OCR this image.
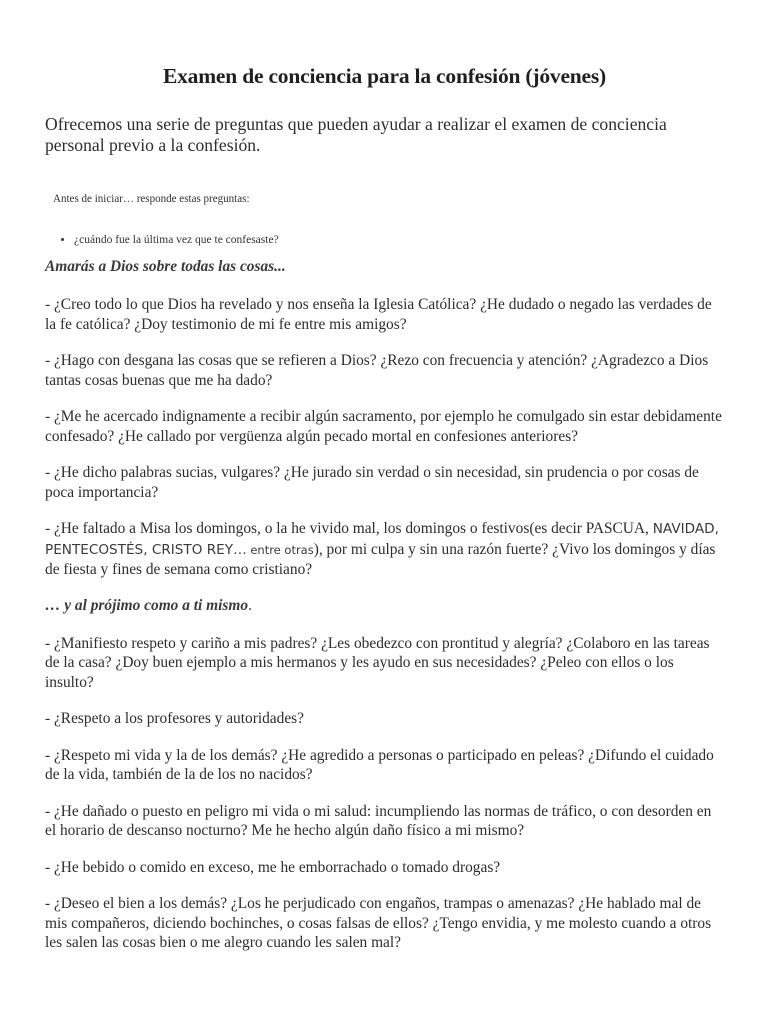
Examen de conciencia para la confesión (jóvenes)

Ofrecemos una serie de preguntas que pueden ayudar a realizar el examen de conciencia personal previo a la confesión.

Antes de iniciar… responde estas preguntas:

• ¿cuándo fue la última vez que te confesaste?

Amarás a Dios sobre todas las cosas...

- ¿Creo todo lo que Dios ha revelado y nos enseña la Iglesia Católica? ¿He dudado o negado las verdades de la fe católica? ¿Doy testimonio de mi fe entre mis amigos?

- ¿Hago con desgana las cosas que se refieren a Dios? ¿Rezo con frecuencia y atención? ¿Agradezco a Dios tantas cosas buenas que me ha dado?

- ¿Me he acercado indignamente a recibir algún sacramento, por ejemplo he comulgado sin estar debidamente confesado? ¿He callado por vergüenza algún pecado mortal en confesiones anteriores?

- ¿He dicho palabras sucias, vulgares? ¿He jurado sin verdad o sin necesidad, sin prudencia o por cosas de poca importancia?

- ¿He faltado a Misa los domingos, o la he vivido mal, los domingos o festivos(es decir PASCUA, NAVIDAD, PENTECOSTÉS, CRISTO REY… entre otras), por mi culpa y sin una razón fuerte? ¿Vivo los domingos y días de fiesta y fines de semana como cristiano?

… y al prójimo como a ti mismo.

- ¿Manifiesto respeto y cariño a mis padres? ¿Les obedezco con prontitud y alegría? ¿Colaboro en las tareas de la casa? ¿Doy buen ejemplo a mis hermanos y les ayudo en sus necesidades? ¿Peleo con ellos o los insulto?

- ¿Respeto a los profesores y autoridades?

- ¿Respeto mi vida y la de los demás? ¿He agredido a personas o participado en peleas? ¿Difundo el cuidado de la vida, también de la de los no nacidos?

- ¿He dañado o puesto en peligro mi vida o mi salud: incumpliendo las normas de tráfico, o con desorden en el horario de descanso nocturno? Me he hecho algún daño físico a mi mismo?

- ¿He bebido o comido en exceso, me he emborrachado o tomado drogas?

- ¿Deseo el bien a los demás? ¿Los he perjudicado con engaños, trampas o amenazas? ¿He hablado mal de mis compañeros, diciendo bochinches, o cosas falsas de ellos? ¿Tengo envidia, y me molesto cuando a otros les salen las cosas bien o me alegro cuando les salen mal?
